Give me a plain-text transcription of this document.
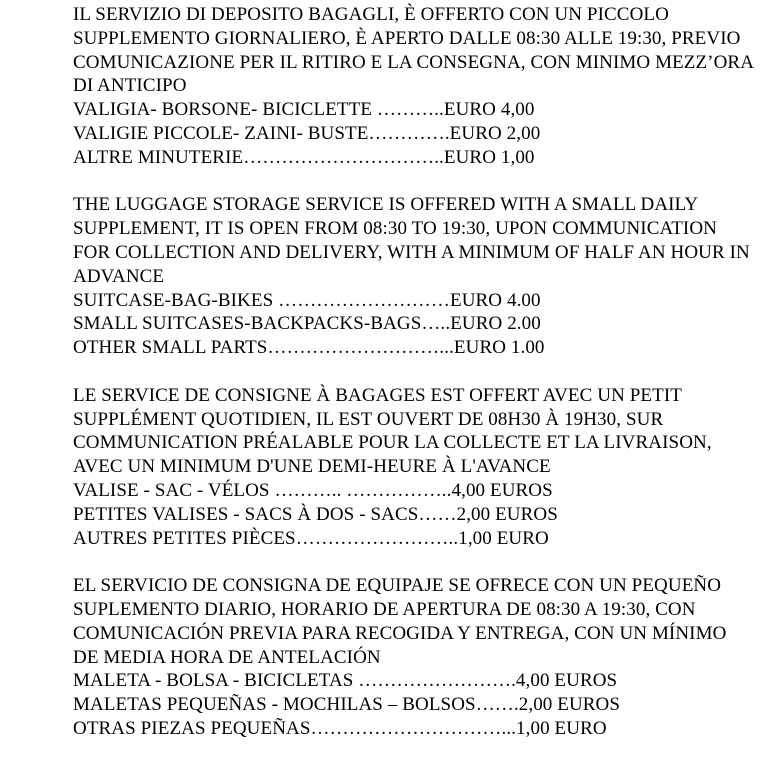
IL SERVIZIO DI DEPOSITO BAGAGLI, È OFFERTO CON UN PICCOLO SUPPLEMENTO GIORNALIERO, È APERTO DALLE 08:30 ALLE 19:30, PREVIO COMUNICAZIONE PER IL RITIRO E LA CONSEGNA, CON MINIMO MEZZ’ORA DI ANTICIPO

VALIGIA- BORSONE- BICICLETTE ………..EURO 4,00

VALIGIE PICCOLE- ZAINI- BUSTE………….EURO 2,00

ALTRE MINUTERIE…………………………..EURO 1,00

THE LUGGAGE STORAGE SERVICE IS OFFERED WITH A SMALL DAILY SUPPLEMENT, IT IS OPEN FROM 08:30 TO 19:30, UPON COMMUNICATION FOR COLLECTION AND DELIVERY, WITH A MINIMUM OF HALF AN HOUR IN ADVANCE

SUITCASE-BAG-BIKES ………………………EURO 4.00

SMALL SUITCASES-BACKPACKS-BAGS…..EURO 2.00

OTHER SMALL PARTS………………………...EURO 1.00

LE SERVICE DE CONSIGNE À BAGAGES EST OFFERT AVEC UN PETIT SUPPLÉMENT QUOTIDIEN, IL EST OUVERT DE 08H30 À 19H30, SUR COMMUNICATION PRÉALABLE POUR LA COLLECTE ET LA LIVRAISON, AVEC UN MINIMUM D'UNE DEMI-HEURE À L'AVANCE

VALISE - SAC - VÉLOS ……….. ……………..4,00 EUROS

PETITES VALISES - SACS À DOS - SACS……2,00 EUROS

AUTRES PETITES PIÈCES……………………..1,00 EURO

EL SERVICIO DE CONSIGNA DE EQUIPAJE SE OFRECE CON UN PEQUEÑO SUPLEMENTO DIARIO, HORARIO DE APERTURA DE 08:30 A 19:30, CON COMUNICACIÓN PREVIA PARA RECOGIDA Y ENTREGA, CON UN MÍNIMO DE MEDIA HORA DE ANTELACIÓN

MALETA - BOLSA - BICICLETAS …………………….4,00 EUROS

MALETAS PEQUEÑAS - MOCHILAS – BOLSOS…….2,00 EUROS

OTRAS PIEZAS PEQUEÑAS…………………………...1,00 EURO
